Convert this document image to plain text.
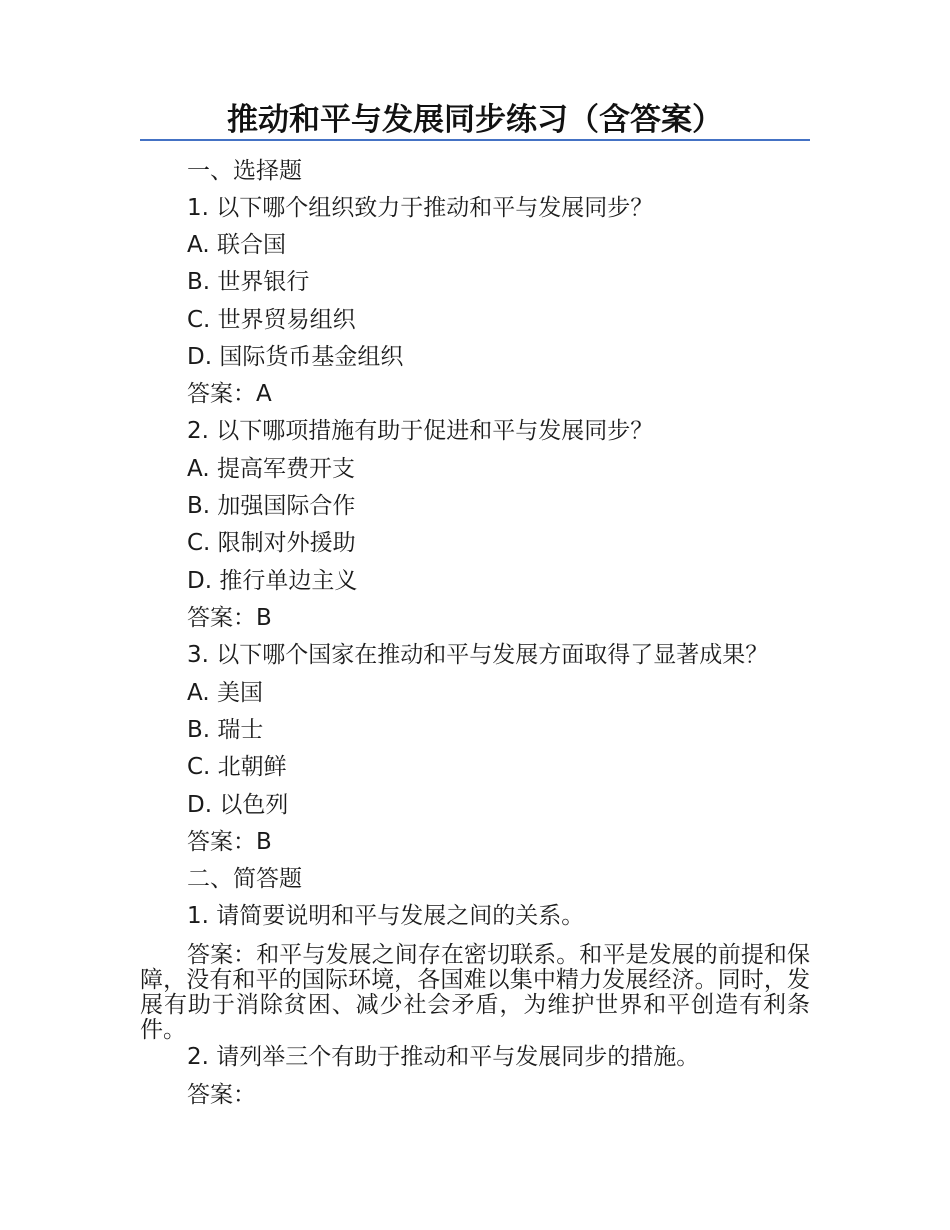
推动和平与发展同步练习（含答案）
一、选择题
1. 以下哪个组织致力于推动和平与发展同步？
A. 联合国
B. 世界银行
C. 世界贸易组织
D. 国际货币基金组织
答案：A
2. 以下哪项措施有助于促进和平与发展同步？
A. 提高军费开支
B. 加强国际合作
C. 限制对外援助
D. 推行单边主义
答案：B
3. 以下哪个国家在推动和平与发展方面取得了显著成果？
A. 美国
B. 瑞士
C. 北朝鲜
D. 以色列
答案：B
二、简答题
1. 请简要说明和平与发展之间的关系。
答案：和平与发展之间存在密切联系。和平是发展的前提和保障，没有和平的国际环境，各国难以集中精力发展经济。同时，发展有助于消除贫困、减少社会矛盾，为维护世界和平创造有利条件。
2. 请列举三个有助于推动和平与发展同步的措施。
答案：
